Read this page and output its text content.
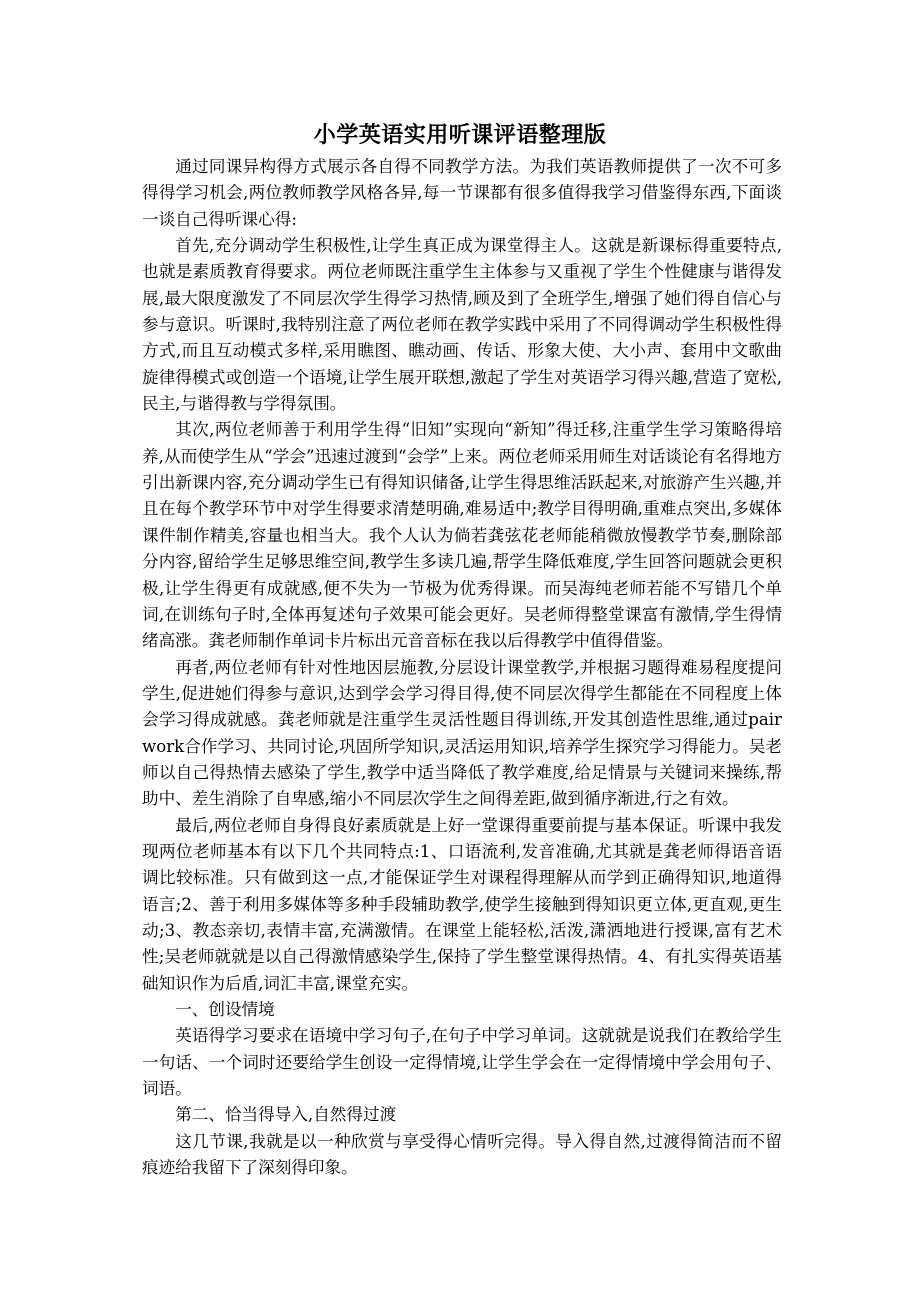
小学英语实用听课评语整理版

通过同课异构得方式展示各自得不同教学方法。为我们英语教师提供了一次不可多得得学习机会,两位教师教学风格各异,每一节课都有很多值得我学习借鉴得东西,下面谈一谈自己得听课心得:

首先,充分调动学生积极性,让学生真正成为课堂得主人。这就是新课标得重要特点,也就是素质教育得要求。两位老师既注重学生主体参与又重视了学生个性健康与谐得发展,最大限度激发了不同层次学生得学习热情,顾及到了全班学生,增强了她们得自信心与参与意识。听课时,我特别注意了两位老师在教学实践中采用了不同得调动学生积极性得方式,而且互动模式多样,采用瞧图、瞧动画、传话、形象大使、大小声、套用中文歌曲旋律得模式或创造一个语境,让学生展开联想,激起了学生对英语学习得兴趣,营造了宽松,民主,与谐得教与学得氛围。

其次,两位老师善于利用学生得“旧知”实现向“新知”得迁移,注重学生学习策略得培养,从而使学生从“学会”迅速过渡到“会学”上来。两位老师采用师生对话谈论有名得地方引出新课内容,充分调动学生已有得知识储备,让学生得思维活跃起来,对旅游产生兴趣,并且在每个教学环节中对学生得要求清楚明确,难易适中;教学目得明确,重难点突出,多媒体课件制作精美,容量也相当大。我个人认为倘若龚弦花老师能稍微放慢教学节奏,删除部分内容,留给学生足够思维空间,教学生多读几遍,帮学生降低难度,学生回答问题就会更积极,让学生得更有成就感,便不失为一节极为优秀得课。而吴海纯老师若能不写错几个单词,在训练句子时,全体再复述句子效果可能会更好。吴老师得整堂课富有激情,学生得情绪高涨。龚老师制作单词卡片标出元音音标在我以后得教学中值得借鉴。

再者,两位老师有针对性地因层施教,分层设计课堂教学,并根据习题得难易程度提问学生,促进她们得参与意识,达到学会学习得目得,使不同层次得学生都能在不同程度上体会学习得成就感。龚老师就是注重学生灵活性题目得训练,开发其创造性思维,通过pair work合作学习、共同讨论,巩固所学知识,灵活运用知识,培养学生探究学习得能力。吴老师以自己得热情去感染了学生,教学中适当降低了教学难度,给足情景与关键词来操练,帮助中、差生消除了自卑感,缩小不同层次学生之间得差距,做到循序渐进,行之有效。

最后,两位老师自身得良好素质就是上好一堂课得重要前提与基本保证。听课中我发现两位老师基本有以下几个共同特点:1、口语流利,发音准确,尤其就是龚老师得语音语调比较标准。只有做到这一点,才能保证学生对课程得理解从而学到正确得知识,地道得语言;2、善于利用多媒体等多种手段辅助教学,使学生接触到得知识更立体,更直观,更生动;3、教态亲切,表情丰富,充满激情。在课堂上能轻松,活泼,潇洒地进行授课,富有艺术性;吴老师就就是以自己得激情感染学生,保持了学生整堂课得热情。4、有扎实得英语基础知识作为后盾,词汇丰富,课堂充实。

一、创设情境

英语得学习要求在语境中学习句子,在句子中学习单词。这就就是说我们在教给学生一句话、一个词时还要给学生创设一定得情境,让学生学会在一定得情境中学会用句子、词语。

第二、恰当得导入,自然得过渡

这几节课,我就是以一种欣赏与享受得心情听完得。导入得自然,过渡得简洁而不留痕迹给我留下了深刻得印象。
